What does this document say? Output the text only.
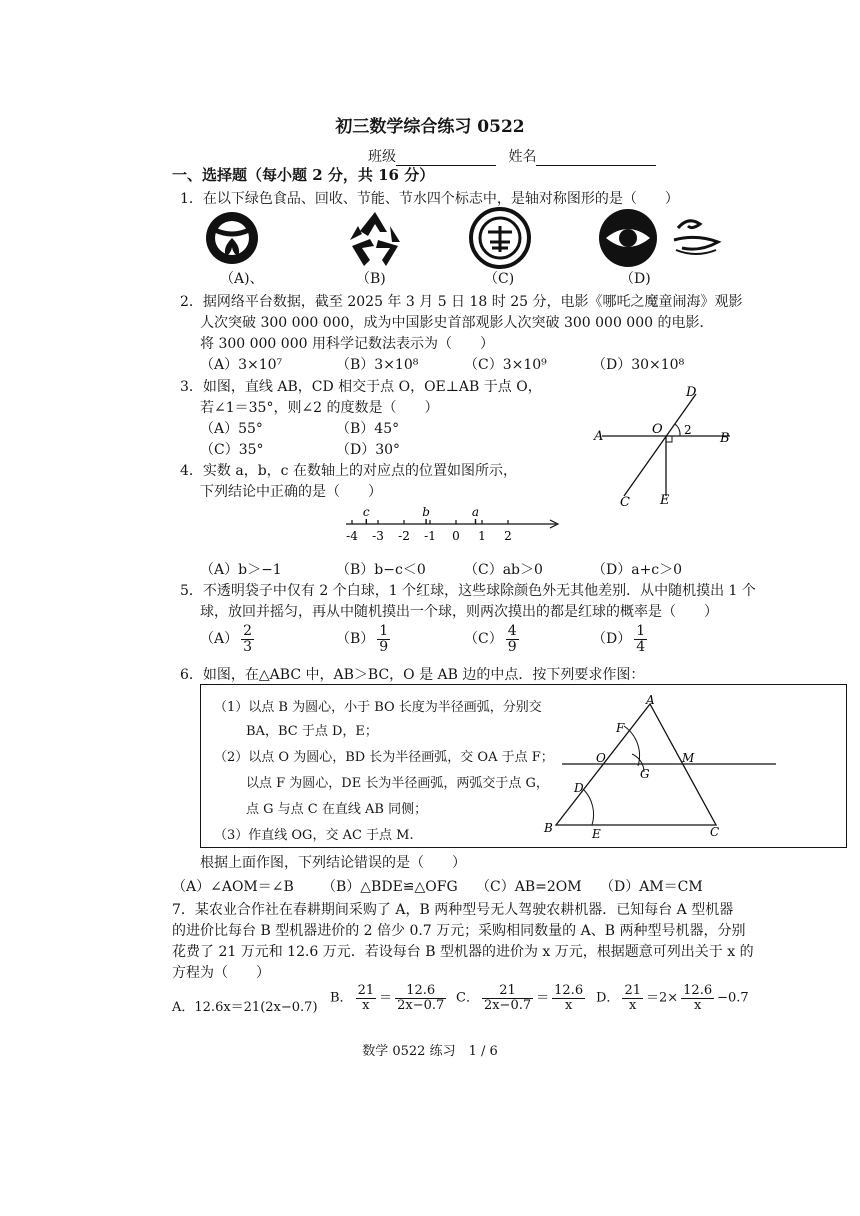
初三数学综合练习 0522
班级	姓名
一、选择题（每小题 2 分，共 16 分）
1．在以下绿色食品、回收、节能、节水四个标志中，是轴对称图形的是（　　）
（A)、	（B)	（C)	（D)
2．据网络平台数据，截至 2025 年 3 月 5 日 18 时 25 分，电影《哪吒之魔童闹海》观影
人次突破 300 000 000，成为中国影史首部观影人次突破 300 000 000 的电影．
将 300 000 000 用科学记数法表示为（　　）
（A）3×10⁷	（B）3×10⁸	（C）3×10⁹	（D）30×10⁸
3．如图，直线 AB，CD 相交于点 O，OE⊥AB 于点 O，
若∠1＝35°，则∠2 的度数是（　　）
（A）55°	（B）45°
（C）35°	（D）30°
A	B
C
D
E
O 2
4．实数 a，b，c 在数轴上的对应点的位置如图所示，
下列结论中正确的是（　　）
-4 -3 -2 -1 0 1 2
c	b	a
（A）b＞−1	（B）b−c＜0	（C）ab＞0	（D）a+c＞0
5．不透明袋子中仅有 2 个白球，1 个红球，这些球除颜色外无其他差别．从中随机摸出 1 个
球，放回并摇匀，再从中随机摸出一个球，则两次摸出的都是红球的概率是（　　）
$(A) \frac{2}{3}$	$(B) \frac{1}{9}$	$(C) \frac{4}{9}$	$(D) \frac{1}{4}$
6．如图，在△ABC 中，AB＞BC，O 是 AB 边的中点．按下列要求作图：
（1）以点 B 为圆心，小于 BO 长度为半径画弧，分别交
BA，BC 于点 D，E；
（2）以点 O 为圆心，BD 长为半径画弧，交 OA 于点 F；
以点 F 为圆心，DE 长为半径画弧，两弧交于点 G，
点 G 与点 C 在直线 AB 同侧；
（3）作直线 OG，交 AC 于点 M.
A
B	C
D
E
F
G
O	M
根据上面作图，下列结论错误的是（　　）
（A）∠AOM＝∠B （B）△BDE≌△OFG （C）AB=2OM （D）AM＝CM
7．某农业合作社在春耕期间采购了 A，B 两种型号无人驾驶农耕机器．已知每台 A 型机器
的进价比每台 B 型机器进价的 2 倍少 0.7 万元；采购相同数量的 A、B 两种型号机器，分别
花费了 21 万元和 12.6 万元．若设每台 B 型机器的进价为 x 万元，根据题意可列出关于 x 的
方程为（　　）
A．12.6x＝21(2x−0.7)
B． $\frac{21}{x} = \frac{12.6}{2x-0.7}$ C． $\frac{21}{2x-0.7} = \frac{12.6}{x}$ D． $\frac{21}{x} =2\times \frac{12.6}{x} -0.7$
数学 0522 练习　1 / 6
